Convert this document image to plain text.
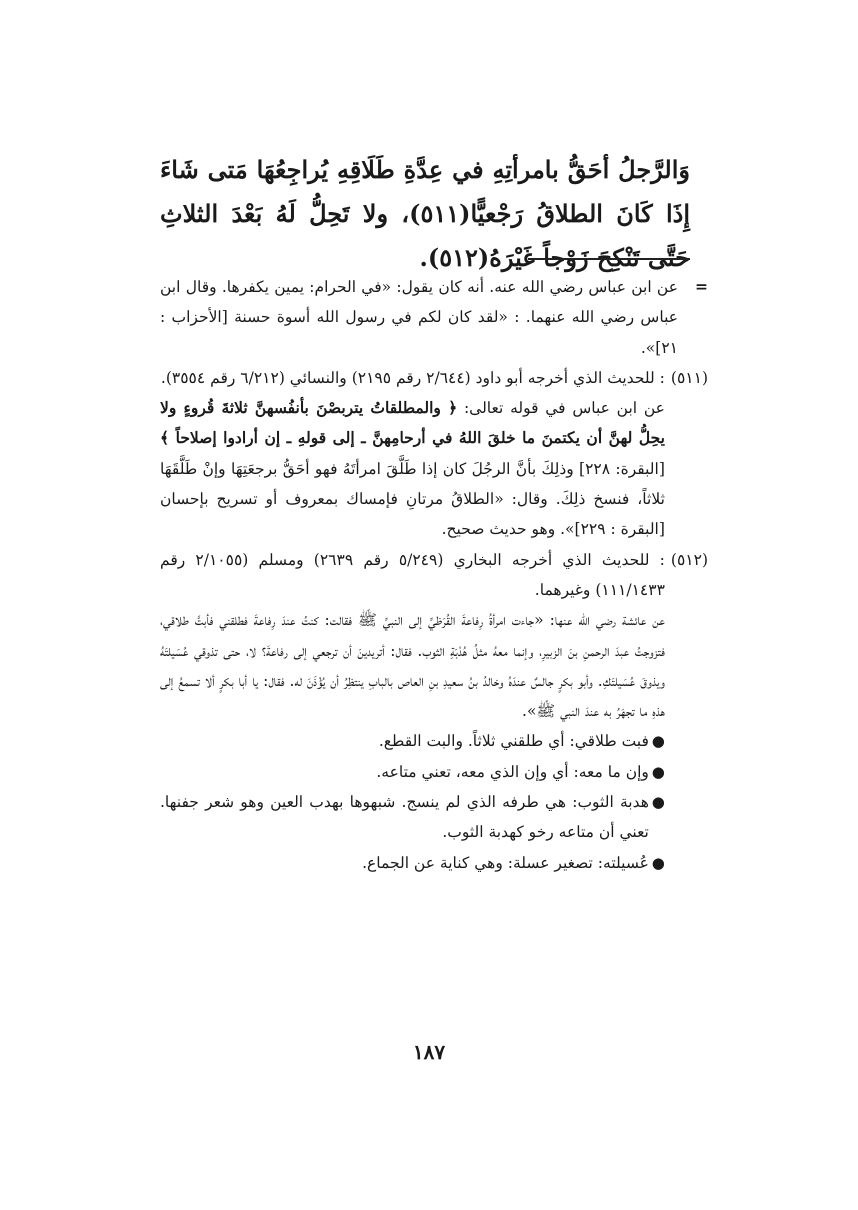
وَالرَّجلُ أحَقُّ بامرأتِهِ في عِدَّةِ طَلَاقِهِ يُراجِعُهَا مَتى شَاءَ إِذَا كَانَ الطلاقُ رَجْعيًّا(٥١١)، ولا تَحِلُّ لَهُ بَعْدَ الثلاثِ حَتَّى تَنْكِحَ زَوْجاً غَيْرَهُ(٥١٢).
=
عن ابن عباس رضي الله عنه. أنه كان يقول: «في الحرام: يمين يكفرها. وقال ابن عباس رضي الله عنهما. : «لقد كان لكم في رسول الله أسوة حسنة [الأحزاب : ٢١]».
(٥١١)
: للحديث الذي أخرجه أبو داود (٢/٦٤٤ رقم ٢١٩٥) والنسائي (٦/٢١٢ رقم ٣٥٥٤).
عن ابن عباس في قوله تعالى: ﴿ والمطلقاتُ يتربصْنَ بأنفُسهنَّ ثلاثةَ قُروءٍ ولا يحِلُّ لهنَّ أن يكتمنَ ما خلقَ اللهُ في أرحامِهنَّ ـ إلى قولهِ ـ إن أرادوا إصلاحاً ﴾ [البقرة: ٢٢٨] وذلِكَ بأنَّ الرجُلَ كان إذا طَلَّقَ امرأتَهُ فهو أحَقُّ برجعَتِهَا وإنْ طَلَّقَهَا ثلاثاً، فنسخ ذلِكَ. وقال: «الطلاقُ مرتانِ فإمساك بمعروف أو تسريح بإحسان [البقرة : ٢٢٩]». وهو حديث صحيح.
(٥١٢)
: للحديث الذي أخرجه البخاري (٥/٢٤٩ رقم ٢٦٣٩) ومسلم (٢/١٠٥٥ رقم ١١١/١٤٣٣) وغيرهما.
عن عائشة رضي الله عنها: «جاءت امرأةُ رِفاعةَ القُرَظيِّ إلى النبيِّ ﷺ فقالت: كنتُ عندَ رِفاعةَ فطلقني فأبتَّ طلاقي، فتزوجتُ عبدَ الرحمنِ بنَ الزبيرِ، وإنما معهُ مثلُ هُدْبَةِ الثوب. فقال: أتريدينَ أن ترجعي إلى رفاعةَ؟ لا، حتى تذوقي عُسَيلتَهُ ويذوقَ عُسَيلتَكِ. وأبو بكرٍ جالسٌ عندَهُ وخالدُ بنُ سعيدِ بنِ العاص بالبابِ ينتظِرُ أن يُؤْذَنَ له. فقال: يا أبا بكرٍ ألا تسمعُ إلى هذهِ ما تجهَرُ به عندَ النبي ﷺ».
●
فبت طلاقي: أي طلقني ثلاثاً. والبت القطع.
●
وإن ما معه: أي وإن الذي معه، تعني متاعه.
●
هدبة الثوب: هي طرفه الذي لم ينسج. شبهوها بهدب العين وهو شعر جفنها. تعني أن متاعه رخو كهدبة الثوب.
●
عُسيلته: تصغير عسلة: وهي كناية عن الجماع.
١٨٧
